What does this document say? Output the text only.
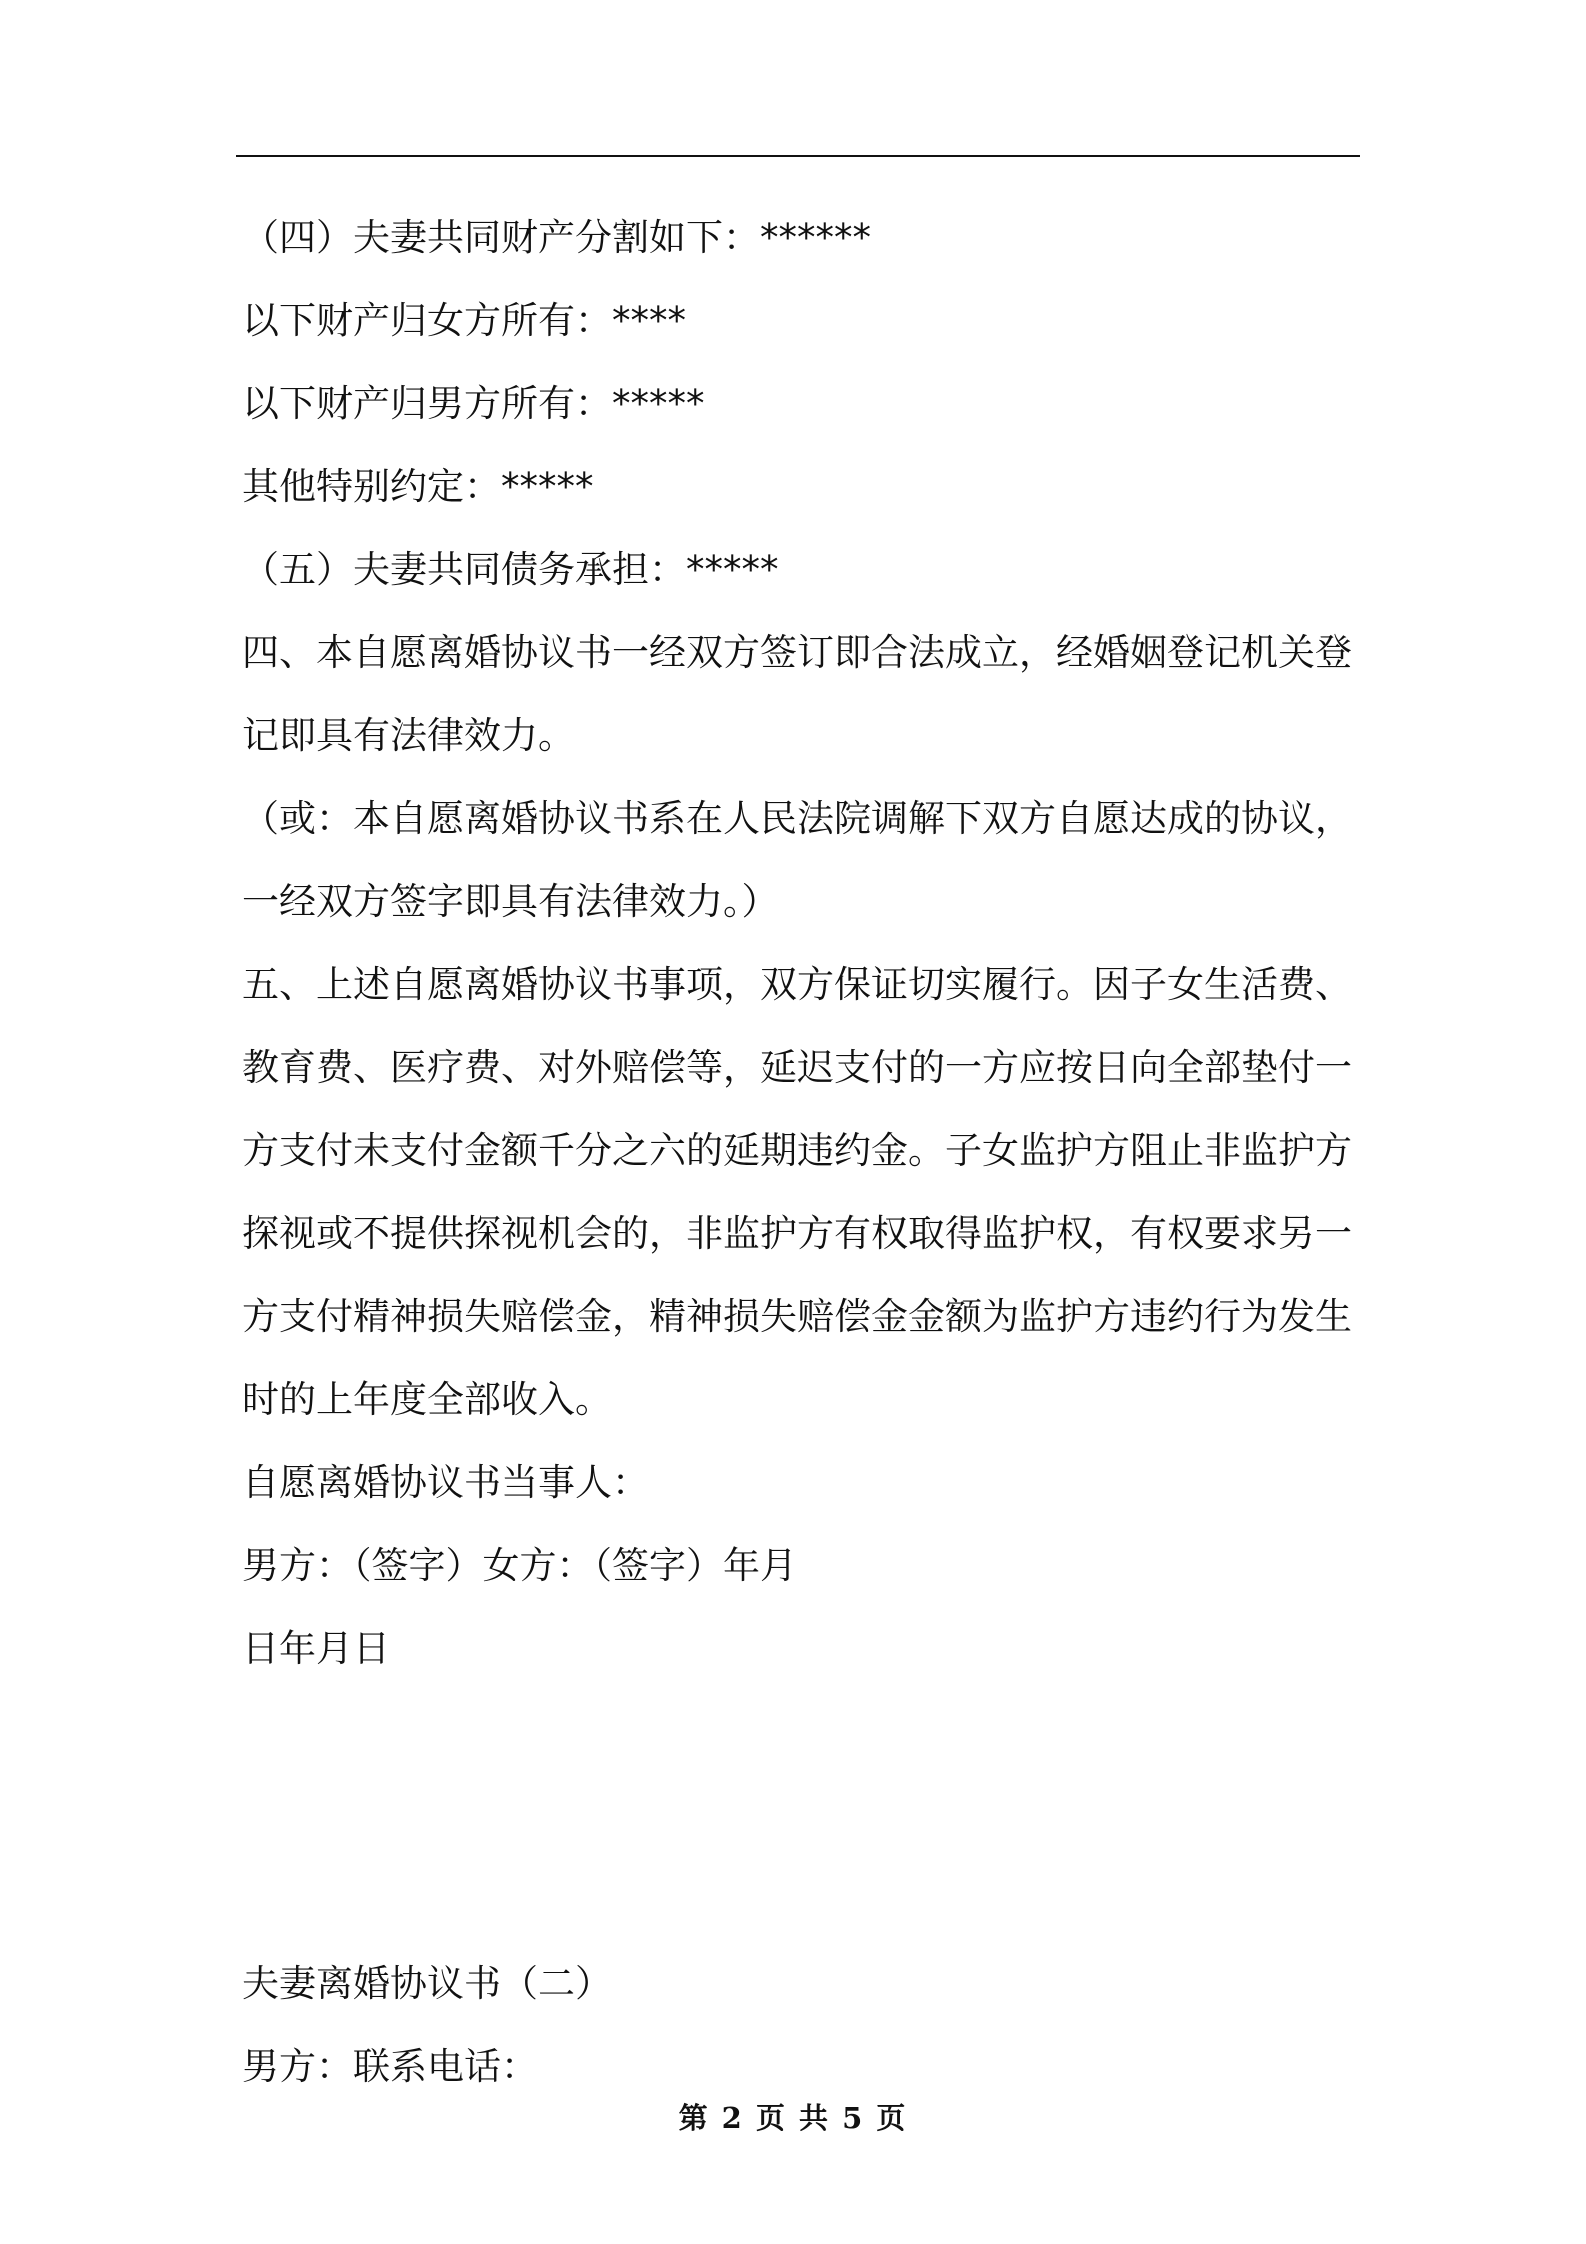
（四）夫妻共同财产分割如下：******
以下财产归女方所有：****
以下财产归男方所有：*****
其他特别约定：*****
（五）夫妻共同债务承担：*****
四、本自愿离婚协议书一经双方签订即合法成立，经婚姻登记机关登
记即具有法律效力。
（或：本自愿离婚协议书系在人民法院调解下双方自愿达成的协议，
一经双方签字即具有法律效力。）
五、上述自愿离婚协议书事项，双方保证切实履行。因子女生活费、
教育费、医疗费、对外赔偿等，延迟支付的一方应按日向全部垫付一
方支付未支付金额千分之六的延期违约金。子女监护方阻止非监护方
探视或不提供探视机会的，非监护方有权取得监护权，有权要求另一
方支付精神损失赔偿金，精神损失赔偿金金额为监护方违约行为发生
时的上年度全部收入。
自愿离婚协议书当事人：
男方：（签字）女方：（签字）年月
日年月日
夫妻离婚协议书（二）
男方：联系电话：
第 2 页 共 5 页
